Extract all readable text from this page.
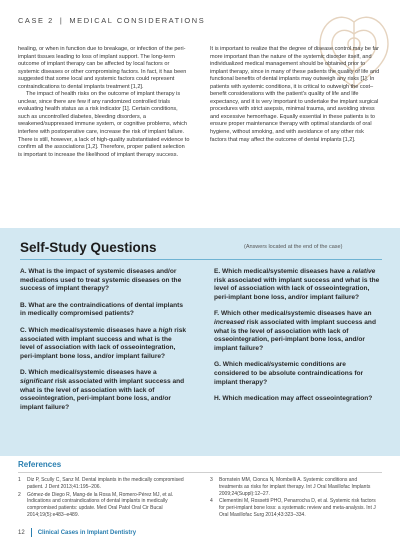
CASE 2 | MEDICAL CONSIDERATIONS

healing, or when in function due to breakage, or infection of the peri-implant tissues leading to loss of implant support. The long-term outcome of implant therapy can be affected by local factors or systemic diseases or other compromising factors. In fact, it has been suggested that some local and systemic factors could represent contraindications to dental implants treatment [1,2].

The impact of health risks on the outcome of implant therapy is unclear, since there are few if any randomized controlled trials evaluating health status as a risk indicator [1]. Certain conditions, such as uncontrolled diabetes, bleeding disorders, a weakened/suppressed immune system, or cognitive problems, which interfere with postoperative care, increase the risk of implant failure. There is still, however, a lack of high-quality substantiated evidence to confirm all the associations [1,2]. Therefore, proper patient selection is important to increase the likelihood of implant therapy success.

It is important to realize that the degree of disease control may be far more important than the nature of the systemic disorder itself, and individualized medical management should be obtained prior to implant therapy, since in many of these patients the quality of life and functional benefits of dental implants may outweigh any risks [1]. In patients with systemic conditions, it is critical to outweigh the cost–benefit considerations with the patient's quality of life and life expectancy, and it is very important to undertake the implant surgical procedures with strict asepsis, minimal trauma, and avoiding stress and excessive hemorrhage. Equally essential in these patients is to ensure proper maintenance therapy with optimal standards of oral hygiene, without smoking, and with avoidance of any other risk factors that may affect the outcome of dental implants [1,2].

Self-Study Questions	(Answers located at the end of the case)
A. What is the impact of systemic diseases and/or medications used to treat systemic diseases on the success of implant therapy?
B. What are the contraindications of dental implants in medically compromised patients?
C. Which medical/systemic diseases have a high risk associated with implant success and what is the level of association with lack of osseointegration, peri-implant bone loss, and/or implant failure?
D. Which medical/systemic diseases have a significant risk associated with implant success and what is the level of association with lack of osseointegration, peri-implant bone loss, and/or implant failure?
E. Which medical/systemic diseases have a relative risk associated with implant success and what is the level of association with lack of osseointegration, peri-implant bone loss, and/or implant failure?
F. Which other medical/systemic diseases have an increased risk associated with implant success and what is the level of association with lack of osseointegration, peri-implant bone loss, and/or implant failure?
G. Which medical/systemic conditions are considered to be absolute contraindications for implant therapy?
H. Which medication may affect osseointegration?
References
1	Diz P, Scully C, Sanz M. Dental implants in the medically compromised patient. J Dent 2013;41:195–206.
2	Gómez-de Diego R, Mang-de la Rosa M, Romero-Pérez MJ, et al. Indications and contraindications of dental implants in medically compromised patients: update. Med Oral Patol Oral Cir Bucal 2014;19(5):e483–e489.
3	Bornstein MM, Cionca N, Mombelli A. Systemic conditions and treatments as risks for implant therapy. Int J Oral Maxillofac Implants 2009;24(Suppl):12–27.
4	Clementini M, Rossetti PHO, Penarrocha D, et al. Systemic risk factors for peri-implant bone loss: a systematic review and meta-analysis. Int J Oral Maxillofac Surg 2014;43:323–334.
12 Clinical Cases in Implant Dentistry
